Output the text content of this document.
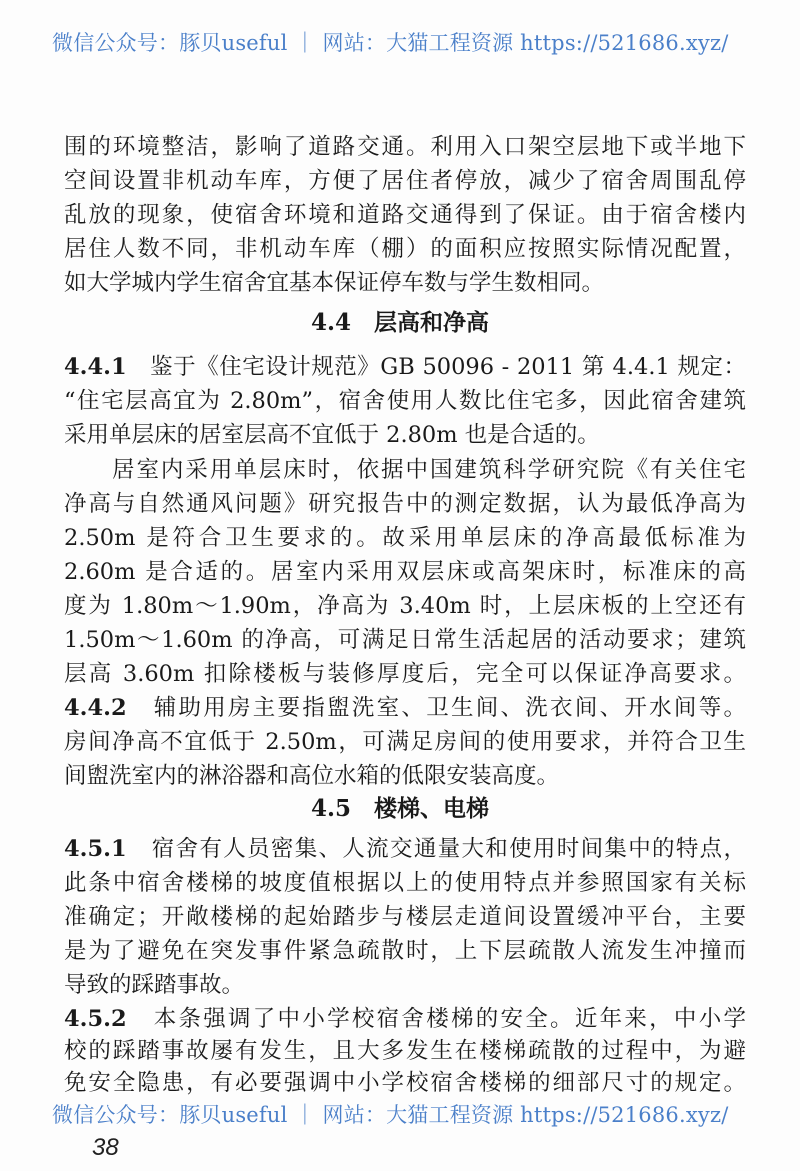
微信公众号：豚贝useful ｜ 网站：大猫工程资源 https://521686.xyz/
围的环境整洁，影响了道路交通。利用入口架空层地下或半地下
空间设置非机动车库，方便了居住者停放，减少了宿舍周围乱停
乱放的现象，使宿舍环境和道路交通得到了保证。由于宿舍楼内
居住人数不同，非机动车库（棚）的面积应按照实际情况配置，
如大学城内学生宿舍宜基本保证停车数与学生数相同。
4.4　层高和净高
4.4.1　 鉴于《住宅设计规范》GB 50096 - 2011 第 4.4.1 规定：
“住宅层高宜为 2.80m”，宿舍使用人数比住宅多，因此宿舍建筑
采用单层床的居室层高不宜低于 2.80m 也是合适的。
居室内采用单层床时，依据中国建筑科学研究院《有关住宅
净高与自然通风问题》研究报告中的测定数据，认为最低净高为
2.50m 是符合卫生要求的。故采用单层床的净高最低标准为
2.60m 是合适的。居室内采用双层床或高架床时，标准床的高
度为 1.80m～1.90m，净高为 3.40m 时，上层床板的上空还有
1.50m～1.60m 的净高，可满足日常生活起居的活动要求；建筑
层高 3.60m 扣除楼板与装修厚度后，完全可以保证净高要求。
4.4.2　 辅助用房主要指盥洗室、卫生间、洗衣间、开水间等。
房间净高不宜低于 2.50m，可满足房间的使用要求，并符合卫生
间盥洗室内的淋浴器和高位水箱的低限安装高度。
4.5　楼梯、电梯
4.5.1　 宿舍有人员密集、人流交通量大和使用时间集中的特点，
此条中宿舍楼梯的坡度值根据以上的使用特点并参照国家有关标
准确定；开敞楼梯的起始踏步与楼层走道间设置缓冲平台，主要
是为了避免在突发事件紧急疏散时，上下层疏散人流发生冲撞而
导致的踩踏事故。
4.5.2　 本条强调了中小学校宿舍楼梯的安全。近年来，中小学
校的踩踏事故屡有发生，且大多发生在楼梯疏散的过程中，为避
免安全隐患，有必要强调中小学校宿舍楼梯的细部尺寸的规定。
微信公众号：豚贝useful ｜ 网站：大猫工程资源 https://521686.xyz/
38
